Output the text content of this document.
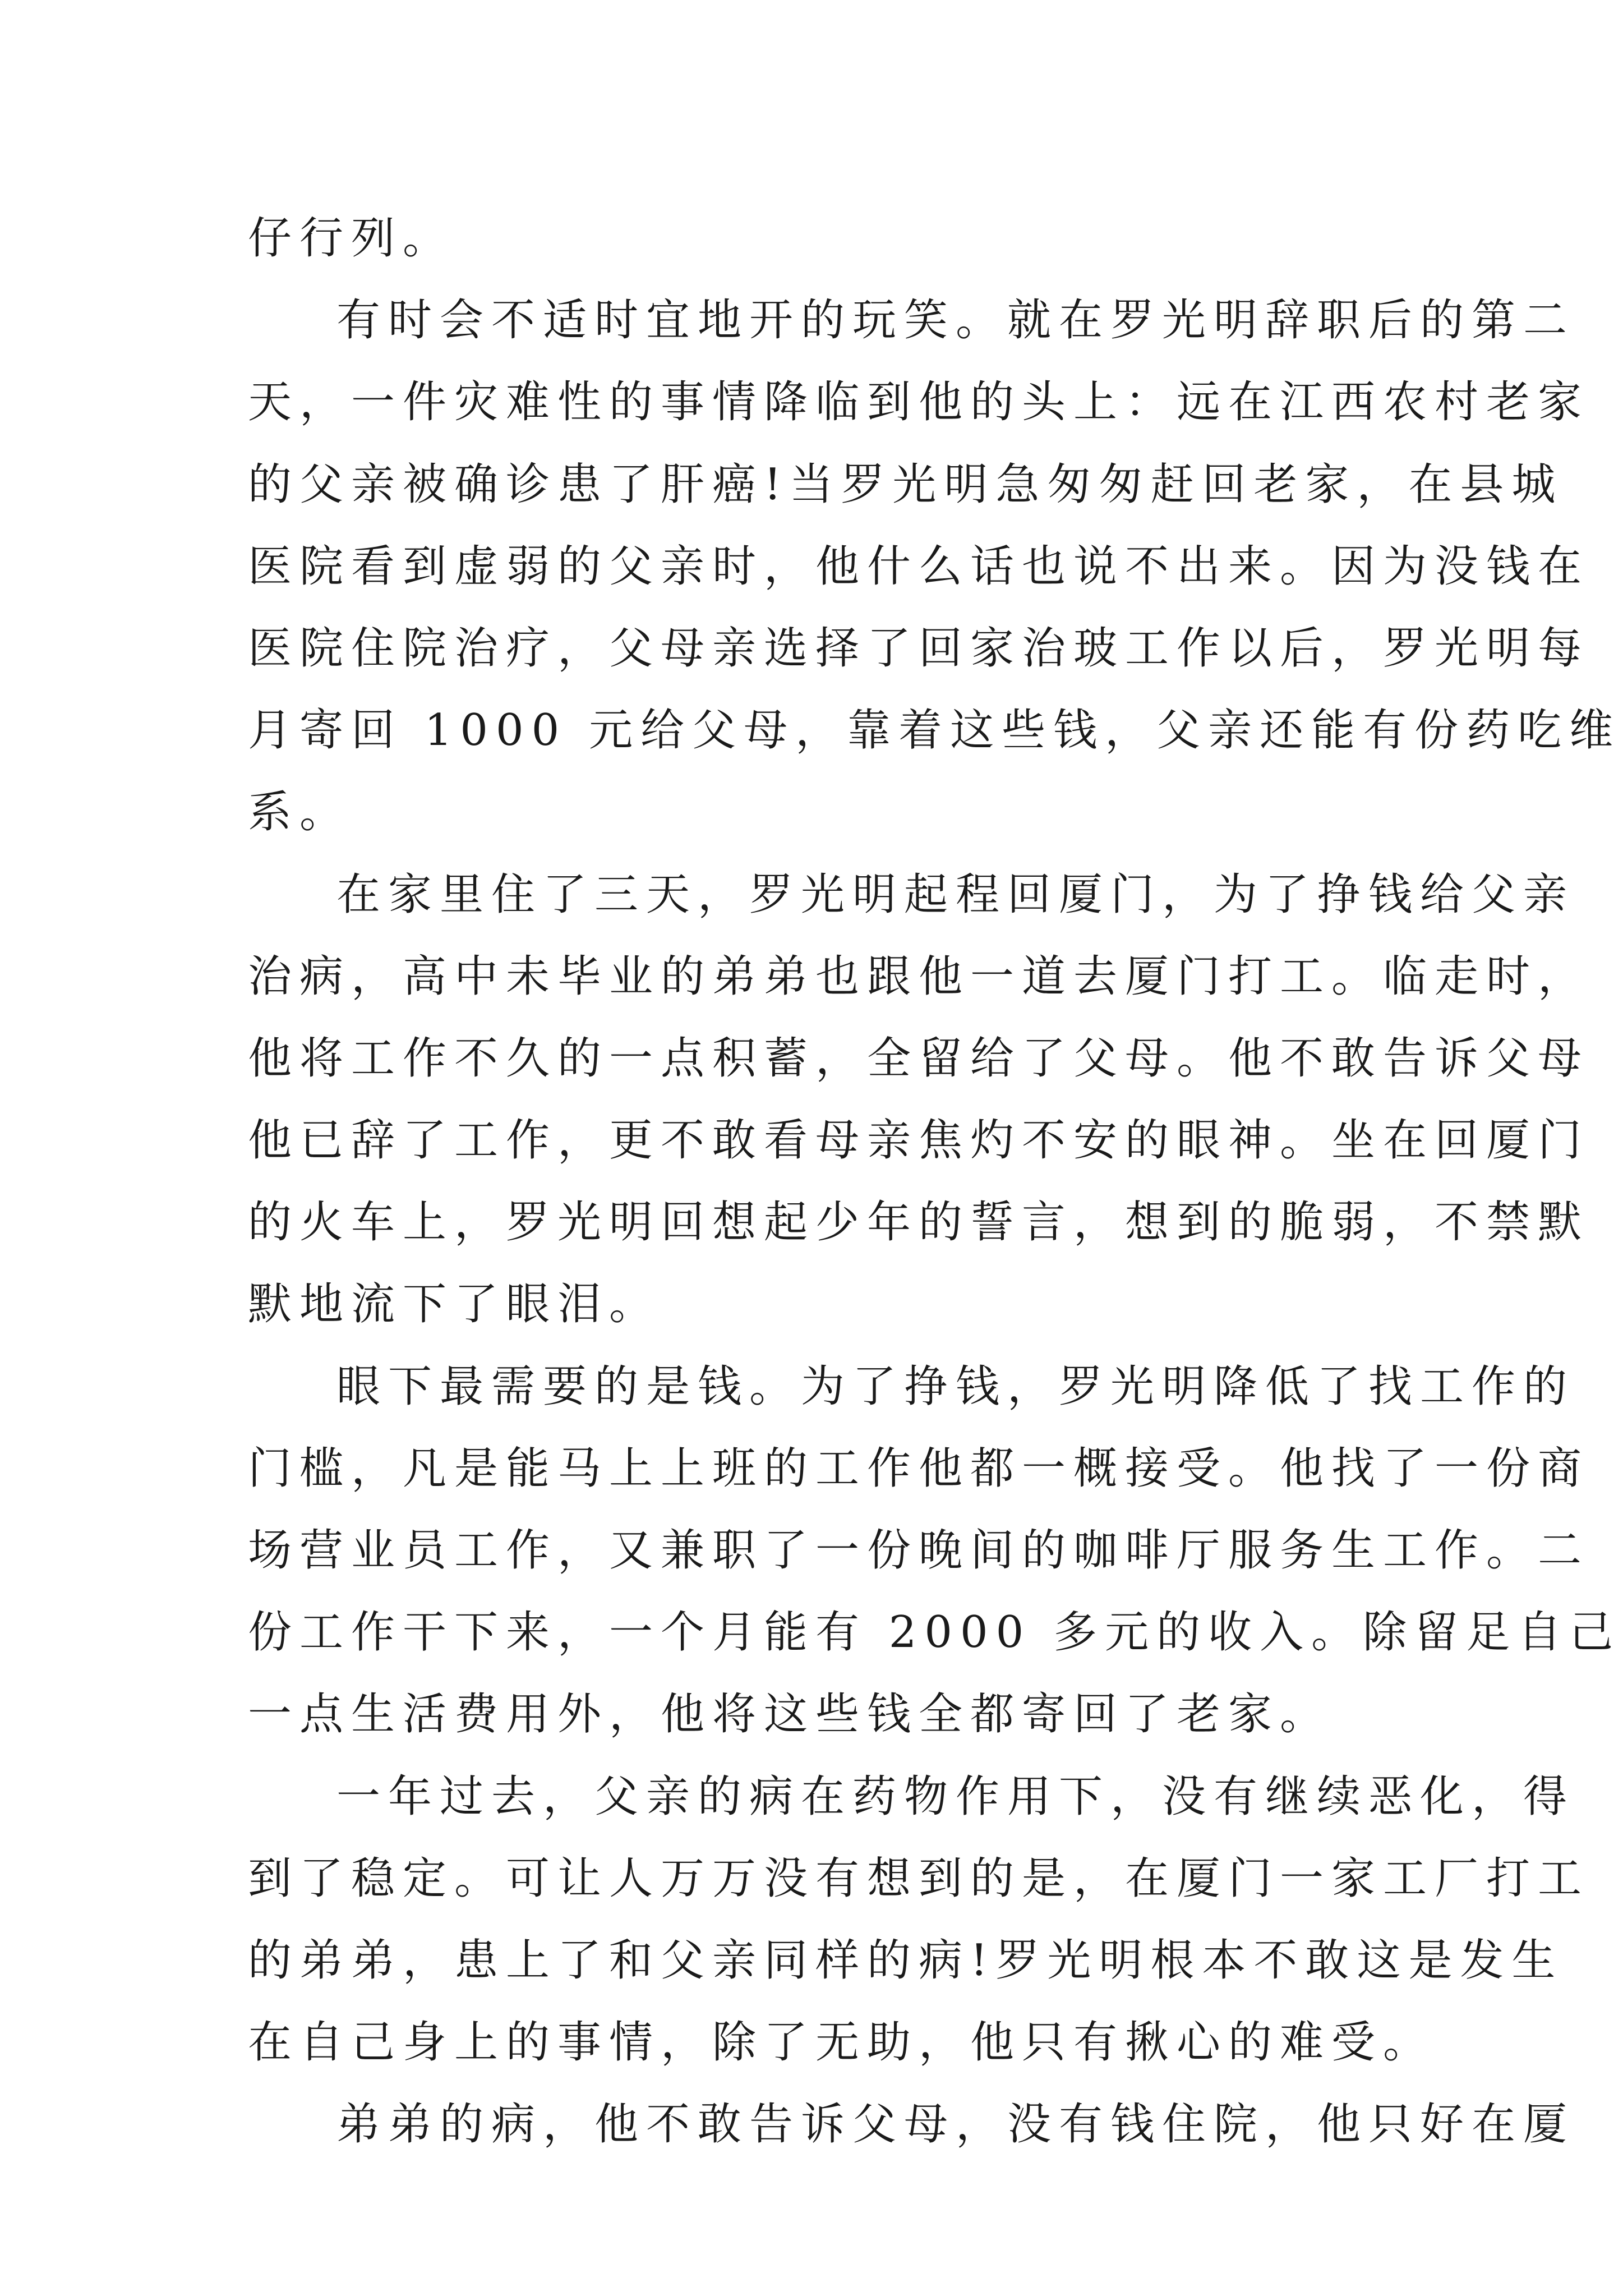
仔行列。
有时会不适时宜地开的玩笑。就在罗光明辞职后的第二
天，一件灾难性的事情降临到他的头上：远在江西农村老家
的父亲被确诊患了肝癌!当罗光明急匆匆赶回老家，在县城
医院看到虚弱的父亲时，他什么话也说不出来。因为没钱在
医院住院治疗，父母亲选择了回家治玻工作以后，罗光明每
月寄回 1000 元给父母，靠着这些钱，父亲还能有份药吃维
系。
在家里住了三天，罗光明起程回厦门，为了挣钱给父亲
治病，高中未毕业的弟弟也跟他一道去厦门打工。临走时，
他将工作不久的一点积蓄，全留给了父母。他不敢告诉父母
他已辞了工作，更不敢看母亲焦灼不安的眼神。坐在回厦门
的火车上，罗光明回想起少年的誓言，想到的脆弱，不禁默
默地流下了眼泪。
眼下最需要的是钱。为了挣钱，罗光明降低了找工作的
门槛，凡是能马上上班的工作他都一概接受。他找了一份商
场营业员工作，又兼职了一份晚间的咖啡厅服务生工作。二
份工作干下来，一个月能有 2000 多元的收入。除留足自己
一点生活费用外，他将这些钱全都寄回了老家。
一年过去，父亲的病在药物作用下，没有继续恶化，得
到了稳定。可让人万万没有想到的是，在厦门一家工厂打工
的弟弟，患上了和父亲同样的病!罗光明根本不敢这是发生
在自己身上的事情，除了无助，他只有揪心的难受。
弟弟的病，他不敢告诉父母，没有钱住院，他只好在厦
